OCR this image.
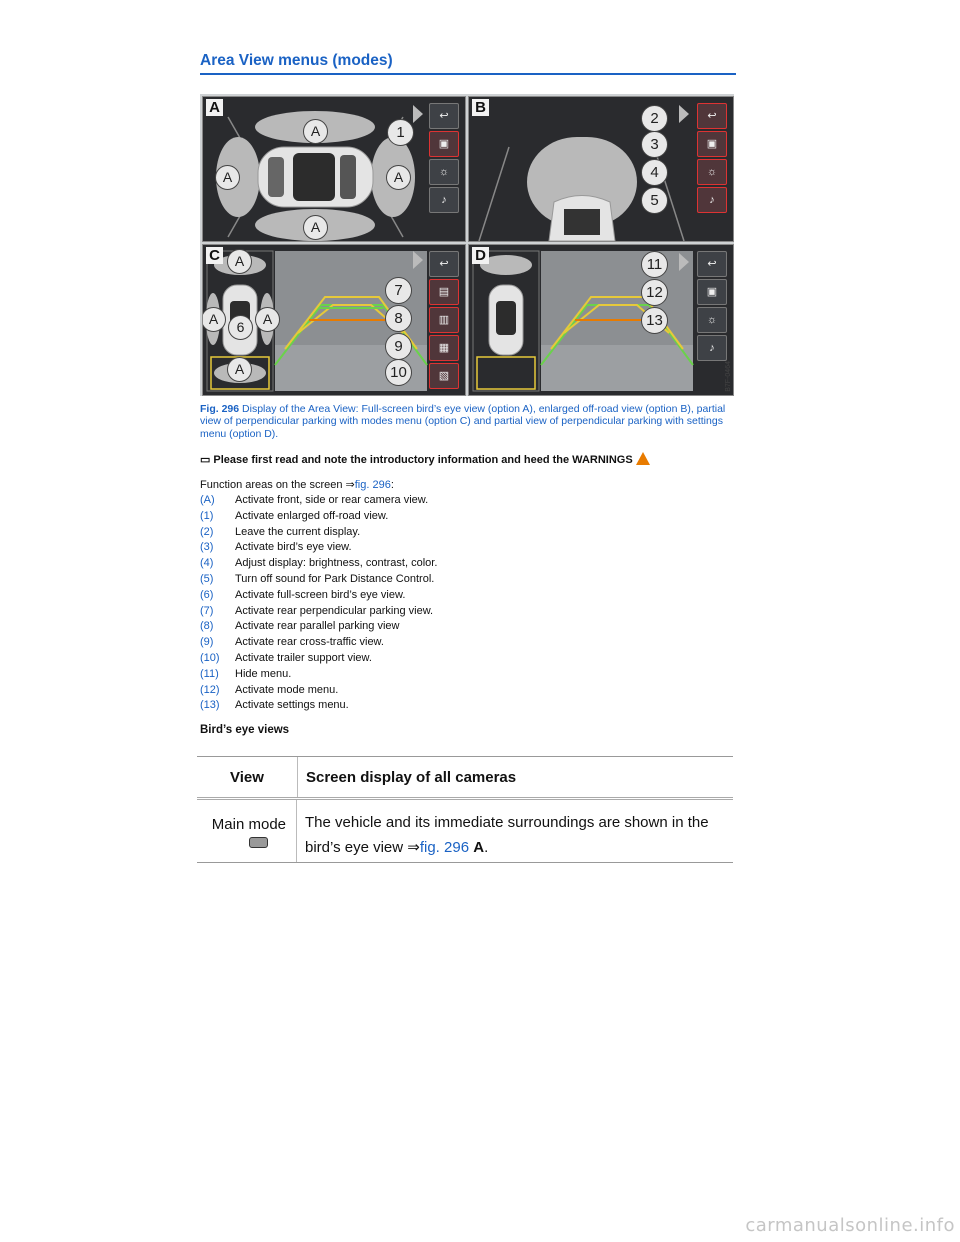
Area View menus (modes)
A
A
A	A
A
1
↩
▣
☼
♪
B
2
3
4
5
↩
▣
☼
♪
C	A
A	A
A
6
7
8
9
10
↩
▤
▥
▦
▧
D
11
12
13
↩
▣
☼
♪
B7F-0464
Fig. 296 Display of the Area View: Full-screen bird’s eye view (option A), enlarged off-road view (option B), partial view of perpendicular parking with modes menu (option C) and partial view of perpendicular parking with settings menu (option D).
▭ Please first read and note the introductory information and heed the WARNINGS
Function areas on the screen ⇒fig. 296:
(A)	Activate front, side or rear camera view.
(1)	Activate enlarged off-road view.
(2)	Leave the current display.
(3)	Activate bird’s eye view.
(4)	Adjust display: brightness, contrast, color.
(5)	Turn off sound for Park Distance Control.
(6)	Activate full-screen bird’s eye view.
(7)	Activate rear perpendicular parking view.
(8)	Activate rear parallel parking view
(9)	Activate rear cross-traffic view.
(10)	Activate trailer support view.
(11)	Hide menu.
(12)	Activate mode menu.
(13)	Activate settings menu.
Bird’s eye views
View	Screen display of all cameras
Main mode	The vehicle and its immediate surroundings are shown in the bird’s eye view ⇒fig. 296 A.
carmanualsonline.info
